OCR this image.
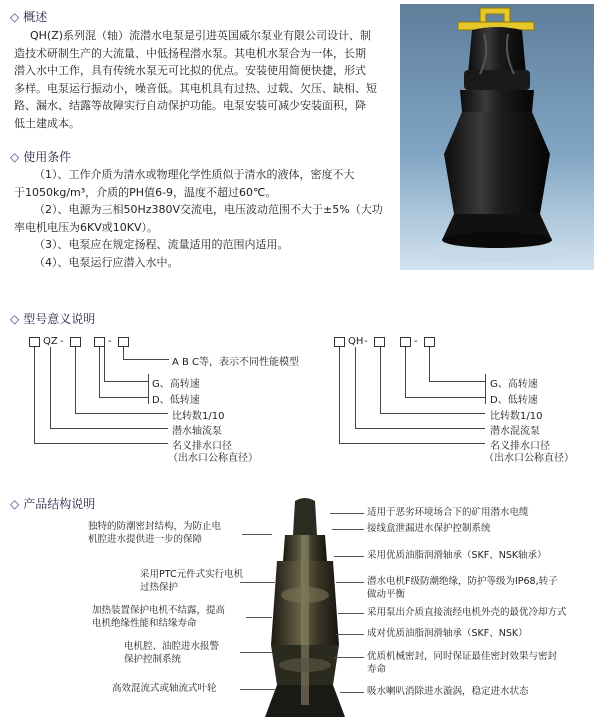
◇ 概述
QH(Z)系列混（轴）流潜水电泵是引进英国威尔泵业有限公司设计、制
造技术研制生产的大流量、中低扬程潜水泵。其电机水泵合为一体，长期
潜入水中工作，具有传统水泵无可比拟的优点。安装使用简便快捷，形式
多样。电泵运行振动小，噪音低。其电机具有过热、过载、欠压、缺相、短
路、漏水、结露等故障实行自动保护功能。电泵安装可减少安装面积，降
低土建成本。
◇ 使用条件
（1）、工作介质为清水或物理化学性质似于清水的液体，密度不大
于1050kg/m³，介质的PH值6-9，温度不超过60℃。
（2）、电源为三相50Hz380V交流电，电压波动范围不大于±5%（大功
率电机电压为6KV或10KV）。
（3）、电泵应在规定扬程、流量适用的范围内适用。
（4）、电泵运行应潜入水中。
◇ 型号意义说明
QZ -	-
A B C等，表示不同性能模型
G、高转速
D、低转速
比转数1/10
潜水轴流泵
名义排水口径
（出水口公称直径）
QH -	-
G、高转速
D、低转速
比转数1/10
潜水混流泵
名义排水口径
（出水口公称直径）
◇ 产品结构说明
独特的防潮密封结构，为防止电
机腔进水提供进一步的保障
采用PTC元件式实行电机
过热保护
加热装置保护电机不结露，提高
电机绝缘性能和结缘寿命
电机腔、油腔进水报警
保护控制系统
高效混流式或轴流式叶轮
适用于恶劣环境场合下的矿用潜水电缆
接线盒泄漏进水保护控制系统
采用优质油脂润滑轴承（SKF、NSK轴承）
潜水电机F级防潮绝缘，防护等级为IP68,转子
做动平衡
采用泵出介质直接流经电机外壳的最优冷却方式
成对优质油脂润滑轴承（SKF、NSK）
优质机械密封，同时保证最佳密封效果与密封
寿命
吸水喇叭消除进水漩涡，稳定进水状态
